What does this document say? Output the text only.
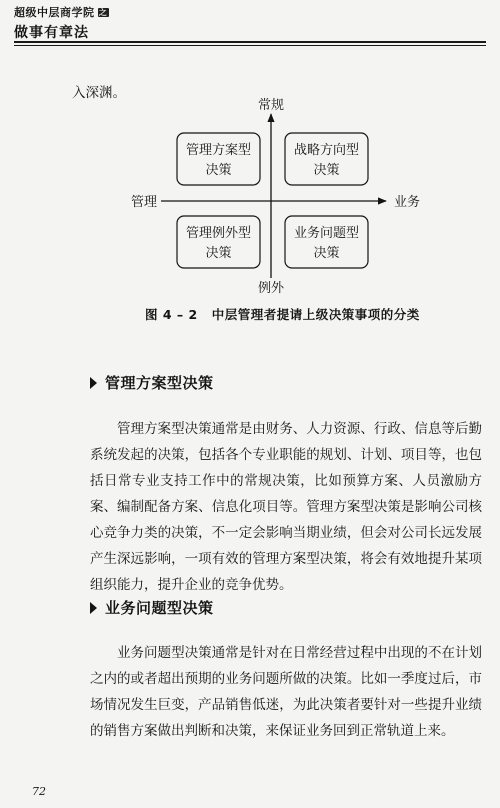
超级中层商学院 之
做事有章法
入深渊。
常规
例外
管理	业务
管理方案型
决策
战略方向型
决策
管理例外型
决策
业务问题型
决策
图 4 – 2 中层管理者提请上级决策事项的分类
管理方案型决策
管理方案型决策通常是由财务、人力资源、行政、信息等后勤系统发起的决策，包括各个专业职能的规划、计划、项目等，也包括日常专业支持工作中的常规决策，比如预算方案、人员激励方案、编制配备方案、信息化项目等。管理方案型决策是影响公司核心竞争力类的决策，不一定会影响当期业绩，但会对公司长远发展产生深远影响，一项有效的管理方案型决策，将会有效地提升某项组织能力，提升企业的竞争优势。
业务问题型决策
业务问题型决策通常是针对在日常经营过程中出现的不在计划之内的或者超出预期的业务问题所做的决策。比如一季度过后，市场情况发生巨变，产品销售低迷，为此决策者要针对一些提升业绩的销售方案做出判断和决策，来保证业务回到正常轨道上来。
72
